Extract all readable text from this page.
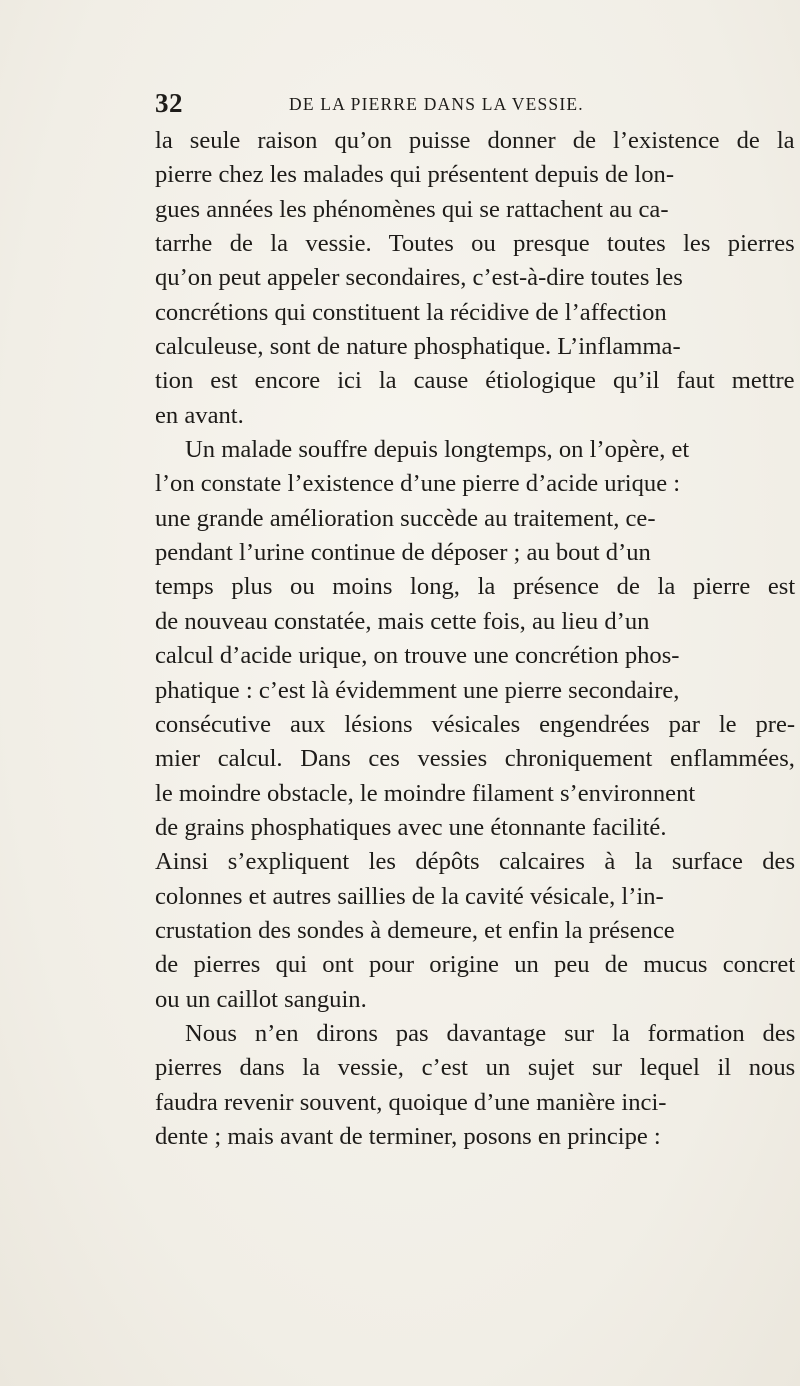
32	DE LA PIERRE DANS LA VESSIE.
la seule raison qu’on puisse donner de l’existence de la
pierre chez les malades qui présentent depuis de lon-
gues années les phénomènes qui se rattachent au ca-
tarrhe de la vessie. Toutes ou presque toutes les pierres
qu’on peut appeler secondaires, c’est-à-dire toutes les
concrétions qui constituent la récidive de l’affection
calculeuse, sont de nature phosphatique. L’inflamma-
tion est encore ici la cause étiologique qu’il faut mettre
en avant.
Un malade souffre depuis longtemps, on l’opère, et
l’on constate l’existence d’une pierre d’acide urique :
une grande amélioration succède au traitement, ce-
pendant l’urine continue de déposer ; au bout d’un
temps plus ou moins long, la présence de la pierre est
de nouveau constatée, mais cette fois, au lieu d’un
calcul d’acide urique, on trouve une concrétion phos-
phatique : c’est là évidemment une pierre secondaire,
consécutive aux lésions vésicales engendrées par le pre-
mier calcul. Dans ces vessies chroniquement enflammées,
le moindre obstacle, le moindre filament s’environnent
de grains phosphatiques avec une étonnante facilité.
Ainsi s’expliquent les dépôts calcaires à la surface des
colonnes et autres saillies de la cavité vésicale, l’in-
crustation des sondes à demeure, et enfin la présence
de pierres qui ont pour origine un peu de mucus concret
ou un caillot sanguin.
Nous n’en dirons pas davantage sur la formation des
pierres dans la vessie, c’est un sujet sur lequel il nous
faudra revenir souvent, quoique d’une manière inci-
dente ; mais avant de terminer, posons en principe :
